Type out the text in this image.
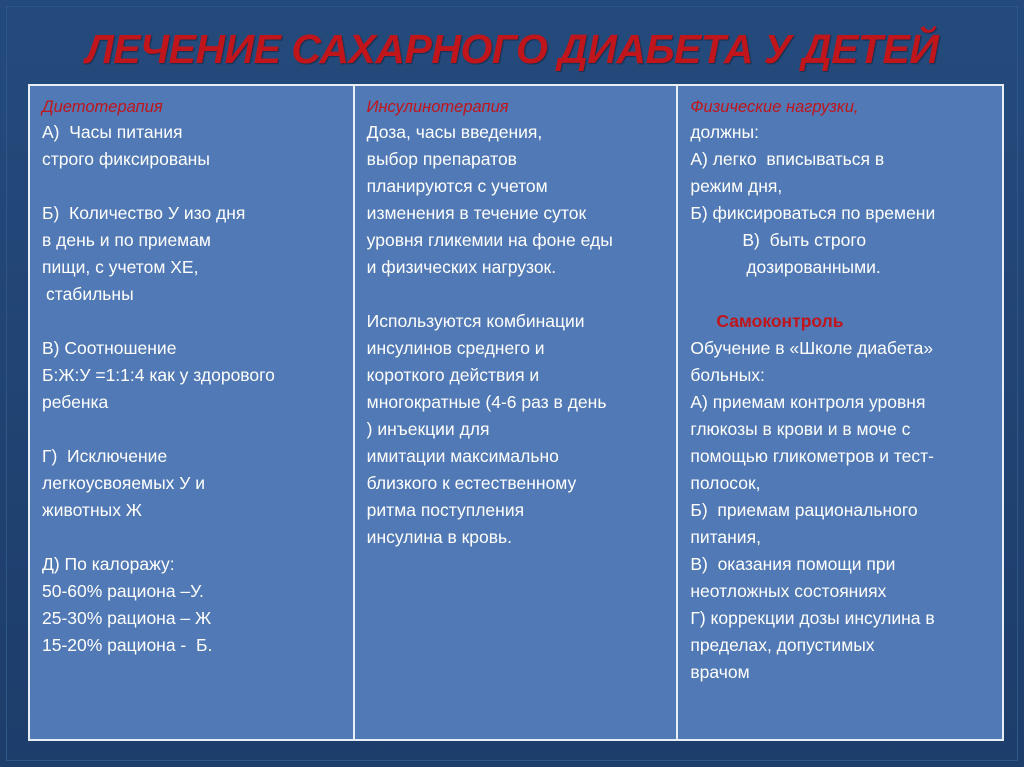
ЛЕЧЕНИЕ САХАРНОГО ДИАБЕТА У ДЕТЕЙ
Диетотерапия
А)  Часы питания
строго фиксированы
Б)  Количество У изо дня
в день и по приемам
пищи, с учетом ХЕ,
стабильны
В) Соотношение
Б:Ж:У =1:1:4 как у здорового
ребенка
Г)  Исключение
легкоусвояемых У и
животных Ж
Д) По калоражу:
50-60% рациона –У.
25-30% рациона – Ж
15-20% рациона -  Б.
Инсулинотерапия
Доза, часы введения,
выбор препаратов
планируются с учетом
изменения в течение суток
уровня гликемии на фоне еды
и физических нагрузок.
Используются комбинации
инсулинов среднего и
короткого действия и
многократные (4-6 раз в день
) инъекции для
имитации максимально
близкого к естественному
ритма поступления
инсулина в кровь.
Физические нагрузки,
должны:
А) легко  вписываться в
режим дня,
Б) фиксироваться по времени
В)  быть строго
дозированными.
Самоконтроль
Обучение в «Школе диабета»
больных:
А) приемам контроля уровня
глюкозы в крови и в моче с
помощью гликометров и тест-
полосок,
Б)  приемам рационального
питания,
В)  оказания помощи при
неотложных состояниях
Г) коррекции дозы инсулина в
пределах, допустимых
врачом
